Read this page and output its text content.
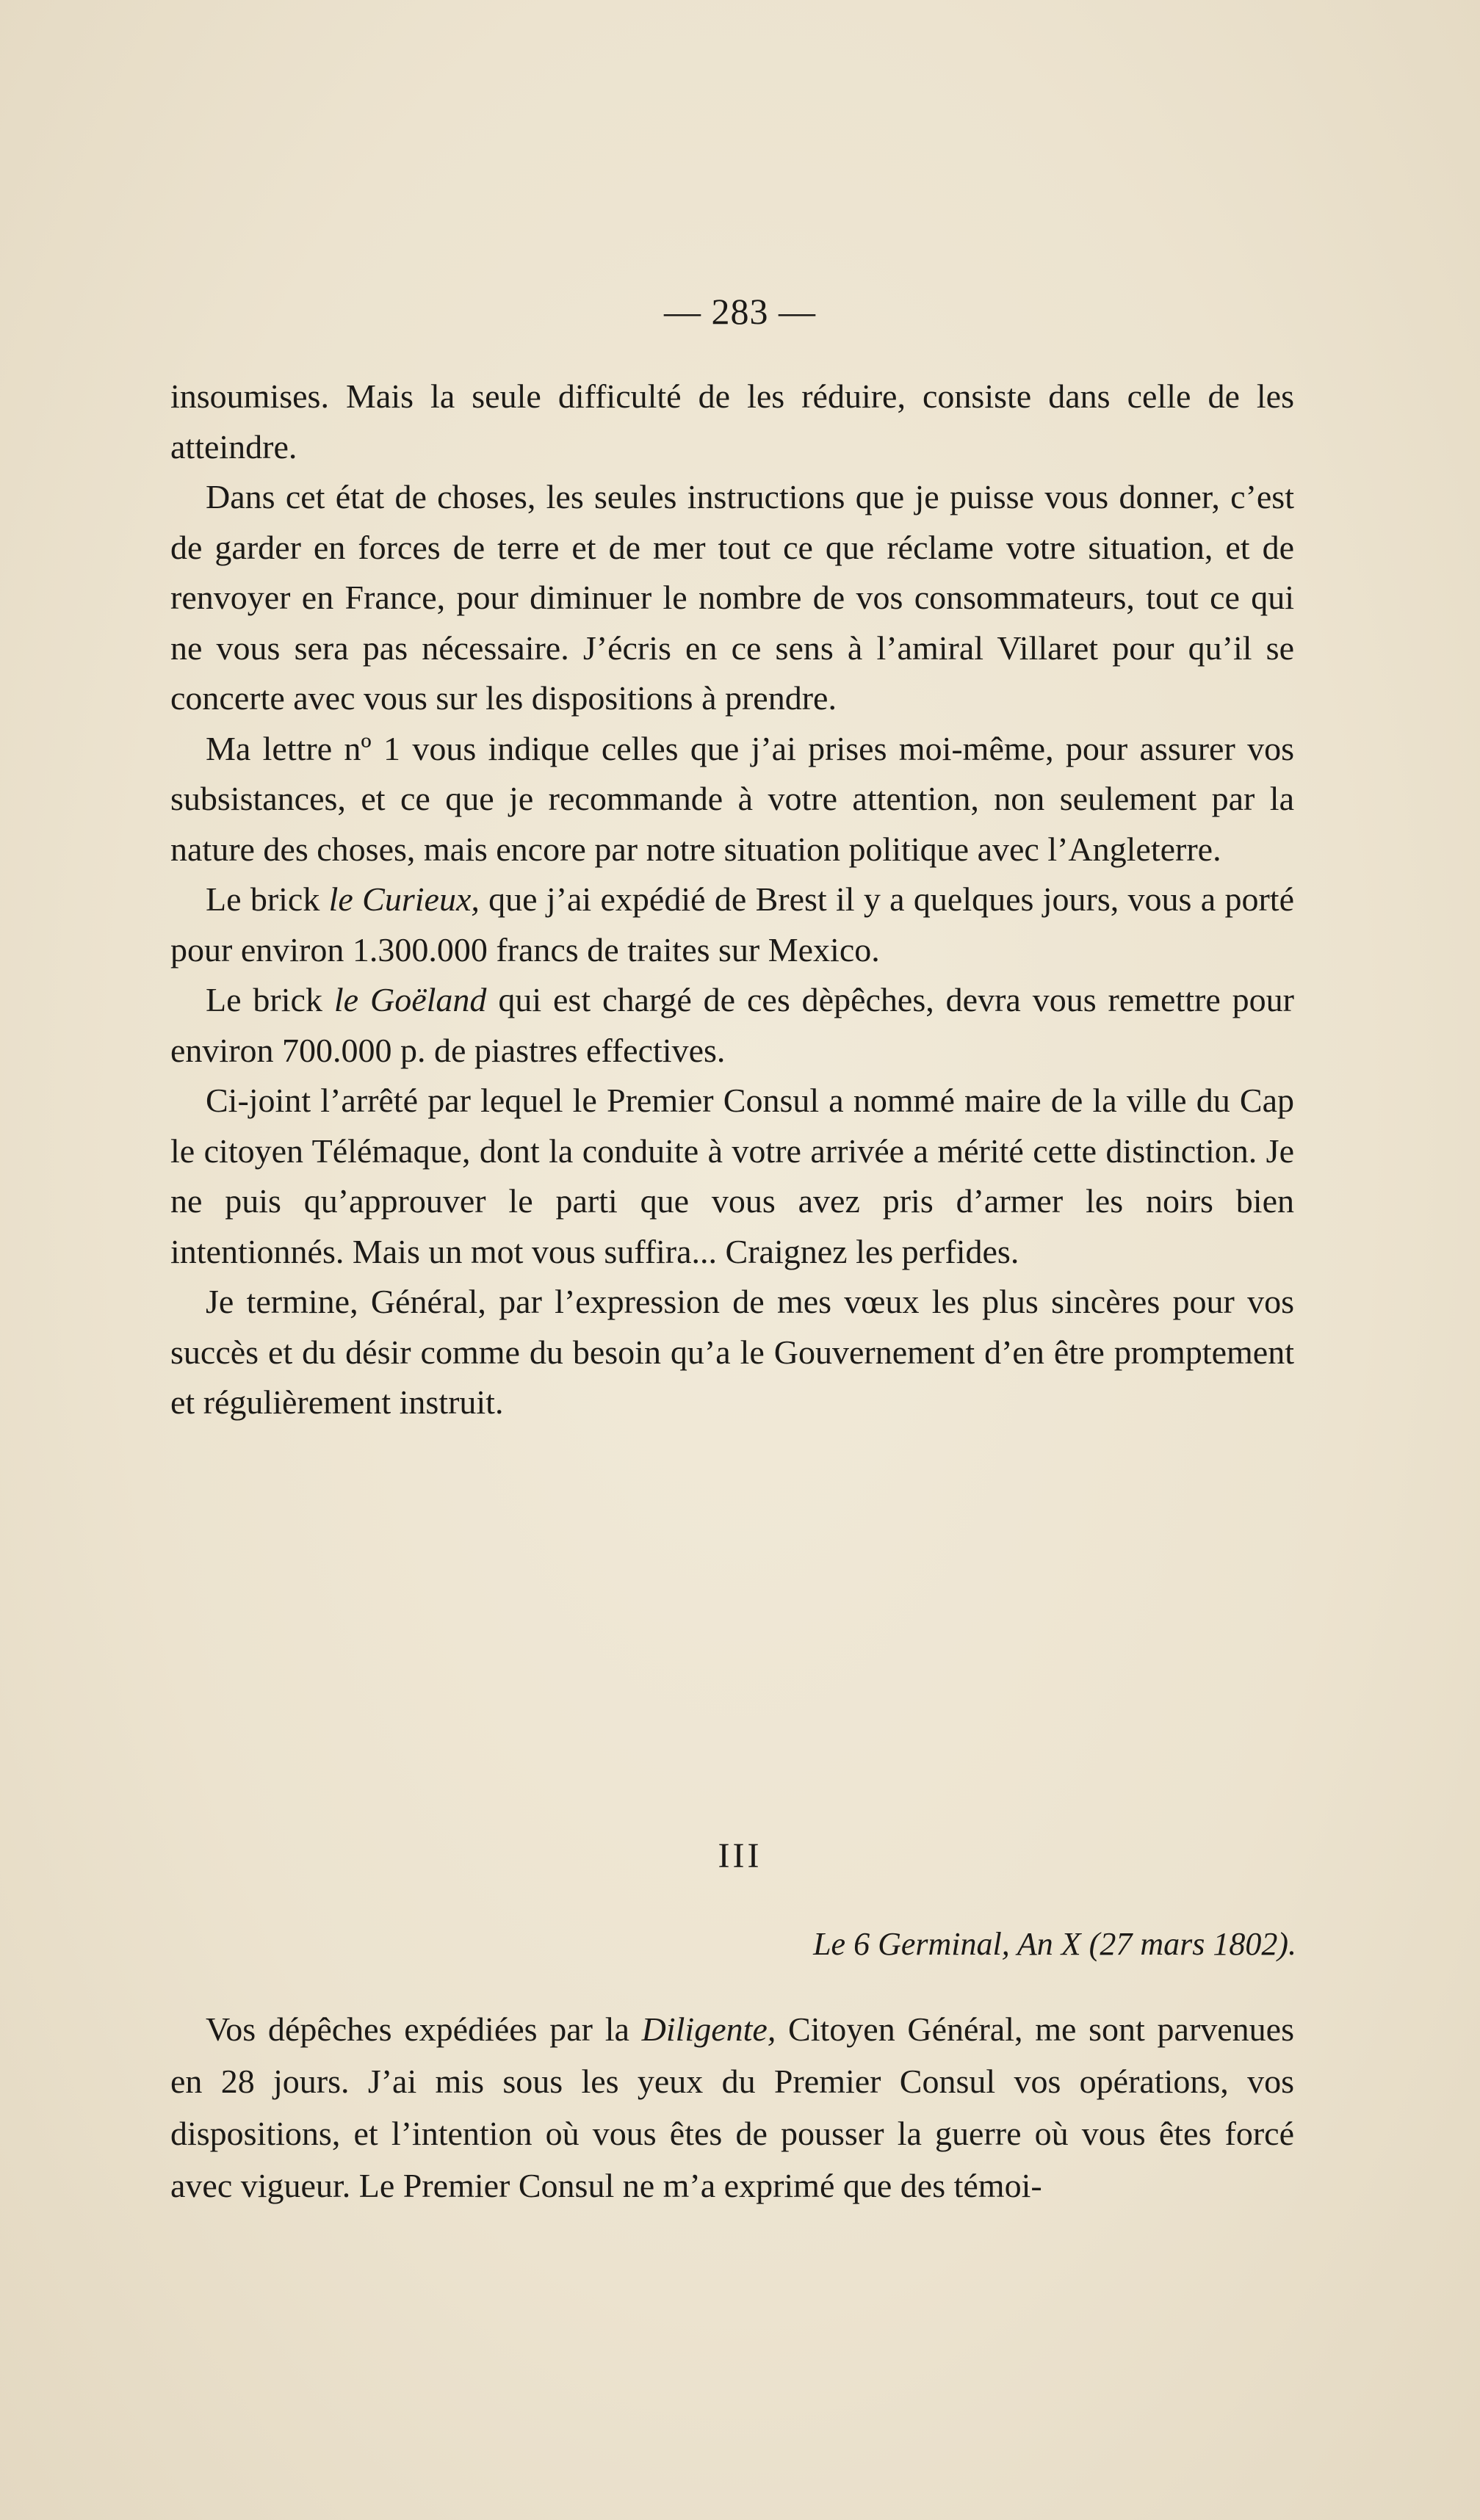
— 283 —

insoumises. Mais la seule difficulté de les réduire, consiste dans celle de les atteindre.

Dans cet état de choses, les seules instructions que je puisse vous donner, c’est de garder en forces de terre et de mer tout ce que réclame votre situation, et de renvoyer en France, pour diminuer le nombre de vos consommateurs, tout ce qui ne vous sera pas nécessaire. J’écris en ce sens à l’amiral Villaret pour qu’il se concerte avec vous sur les dispositions à prendre.

Ma lettre nº 1 vous indique celles que j’ai prises moi-même, pour assurer vos subsistances, et ce que je recommande à votre attention, non seulement par la nature des choses, mais encore par notre situation politique avec l’Angleterre.

Le brick le Curieux, que j’ai expédié de Brest il y a quelques jours, vous a porté pour environ 1.300.000 francs de traites sur Mexico.

Le brick le Goëland qui est chargé de ces dèpêches, devra vous remettre pour environ 700.000 p. de piastres effectives.

Ci-joint l’arrêté par lequel le Premier Consul a nommé maire de la ville du Cap le citoyen Télémaque, dont la conduite à votre arrivée a mérité cette distinction. Je ne puis qu’approuver le parti que vous avez pris d’armer les noirs bien intentionnés. Mais un mot vous suffira... Craignez les perfides.

Je termine, Général, par l’expression de mes vœux les plus sincères pour vos succès et du désir comme du besoin qu’a le Gouvernement d’en être promptement et régulièrement instruit.

III
Le 6 Germinal, An X (27 mars 1802).

Vos dépêches expédiées par la Diligente, Citoyen Général, me sont parvenues en 28 jours. J’ai mis sous les yeux du Premier Consul vos opérations, vos dispositions, et l’intention où vous êtes de pousser la guerre où vous êtes forcé avec vigueur. Le Premier Consul ne m’a exprimé que des témoi-
